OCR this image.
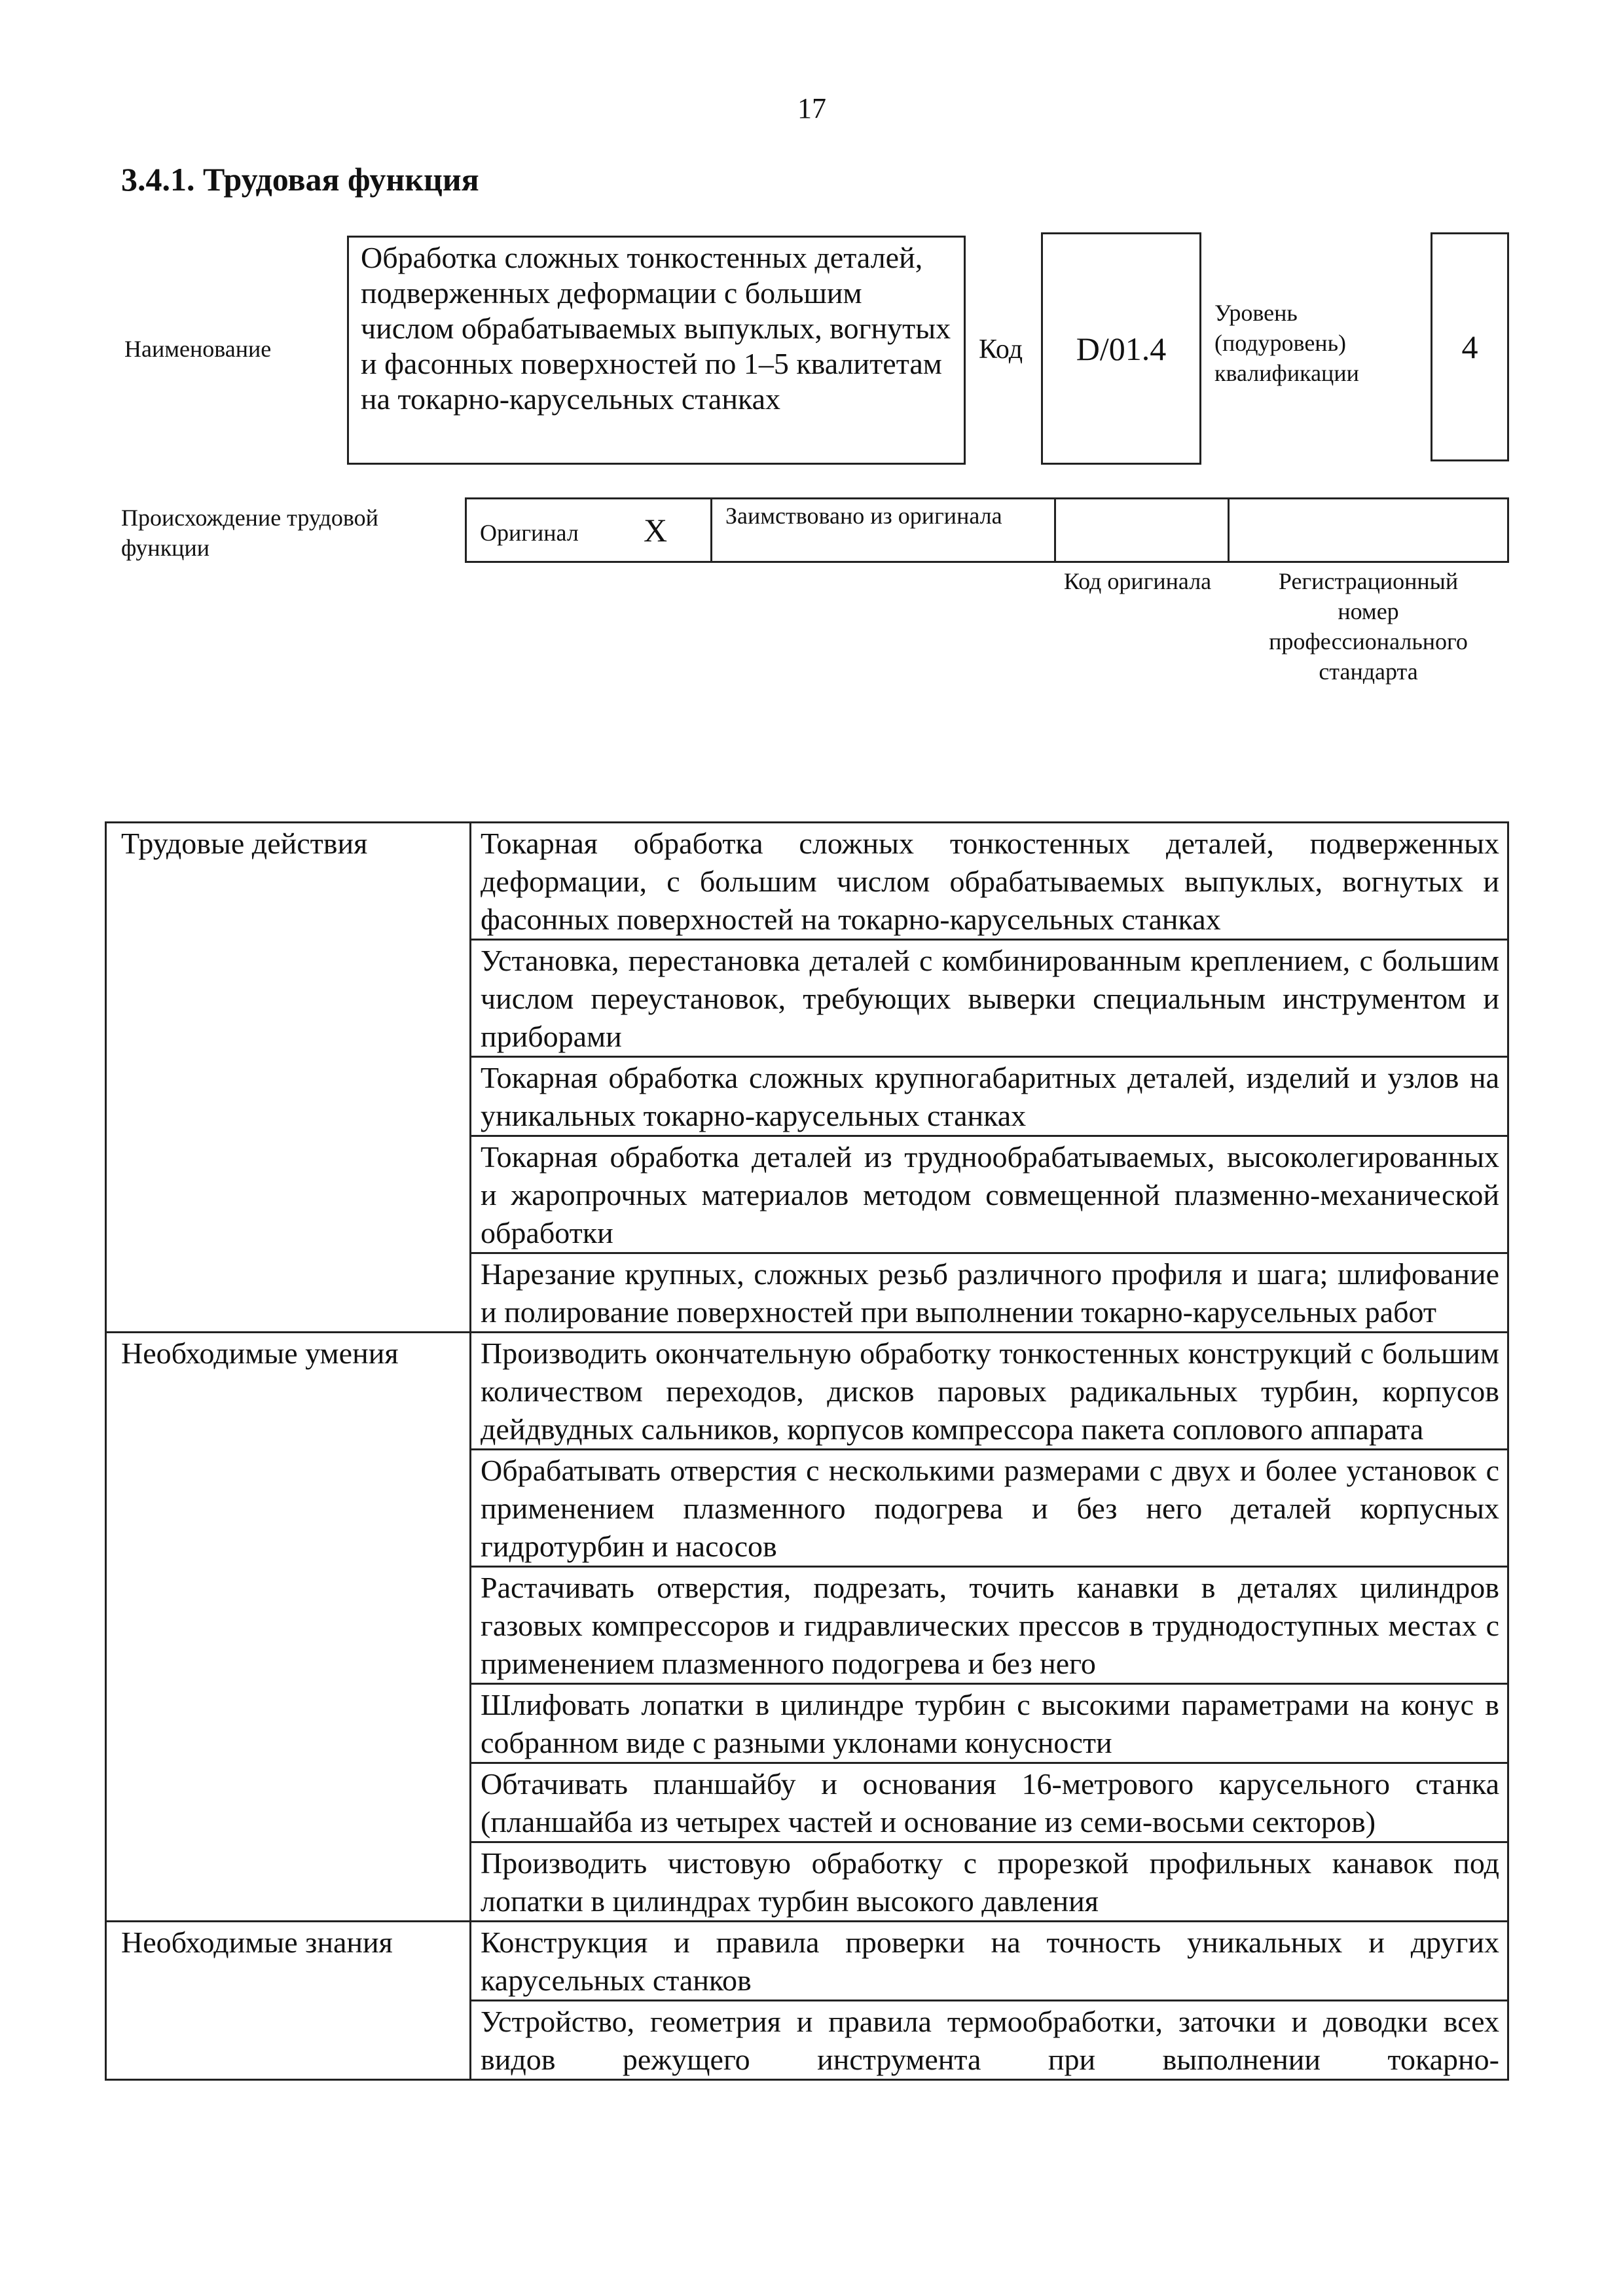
17
3.4.1. Трудовая функция
Наименование
Обработка сложных тонкостенных деталей, подверженных деформации с большим числом обрабатываемых выпуклых, вогнутых и фасонных поверхностей по 1–5 квалитетам на токарно-карусельных станках
Код	D/01.4
Уровень (подуровень) квалификации
4
Происхождение трудовой функции
Оригинал X	Заимствовано из оригинала
Код оригинала	Регистрационный номер профессионального стандарта
Трудовые действия	Токарная обработка сложных тонкостенных деталей, подверженных деформации, с большим числом обрабатываемых выпуклых, вогнутых и фасонных поверхностей на токарно-карусельных станках
	Установка, перестановка деталей с комбинированным креплением, с большим числом переустановок, требующих выверки специальным инструментом и приборами
	Токарная обработка сложных крупногабаритных деталей, изделий и узлов на уникальных токарно-карусельных станках
	Токарная обработка деталей из труднообрабатываемых, высоколегированных и жаропрочных материалов методом совмещенной плазменно-механической обработки
	Нарезание крупных, сложных резьб различного профиля и шага; шлифование и полирование поверхностей при выполнении токарно-карусельных работ
Необходимые умения	Производить окончательную обработку тонкостенных конструкций с большим количеством переходов, дисков паровых радикальных турбин, корпусов дейдвудных сальников, корпусов компрессора пакета соплового аппарата
	Обрабатывать отверстия с несколькими размерами с двух и более установок с применением плазменного подогрева и без него деталей корпусных гидротурбин и насосов
	Растачивать отверстия, подрезать, точить канавки в деталях цилиндров газовых компрессоров и гидравлических прессов в труднодоступных местах с применением плазменного подогрева и без него
	Шлифовать лопатки в цилиндре турбин с высокими параметрами на конус в собранном виде с разными уклонами конусности
	Обтачивать планшайбу и основания 16-метрового карусельного станка (планшайба из четырех частей и основание из семи-восьми секторов)
	Производить чистовую обработку с прорезкой профильных канавок под лопатки в цилиндрах турбин высокого давления
Необходимые знания	Конструкция и правила проверки на точность уникальных и других карусельных станков
	Устройство, геометрия и правила термообработки, заточки и доводки всех видов режущего инструмента при выполнении токарно-
